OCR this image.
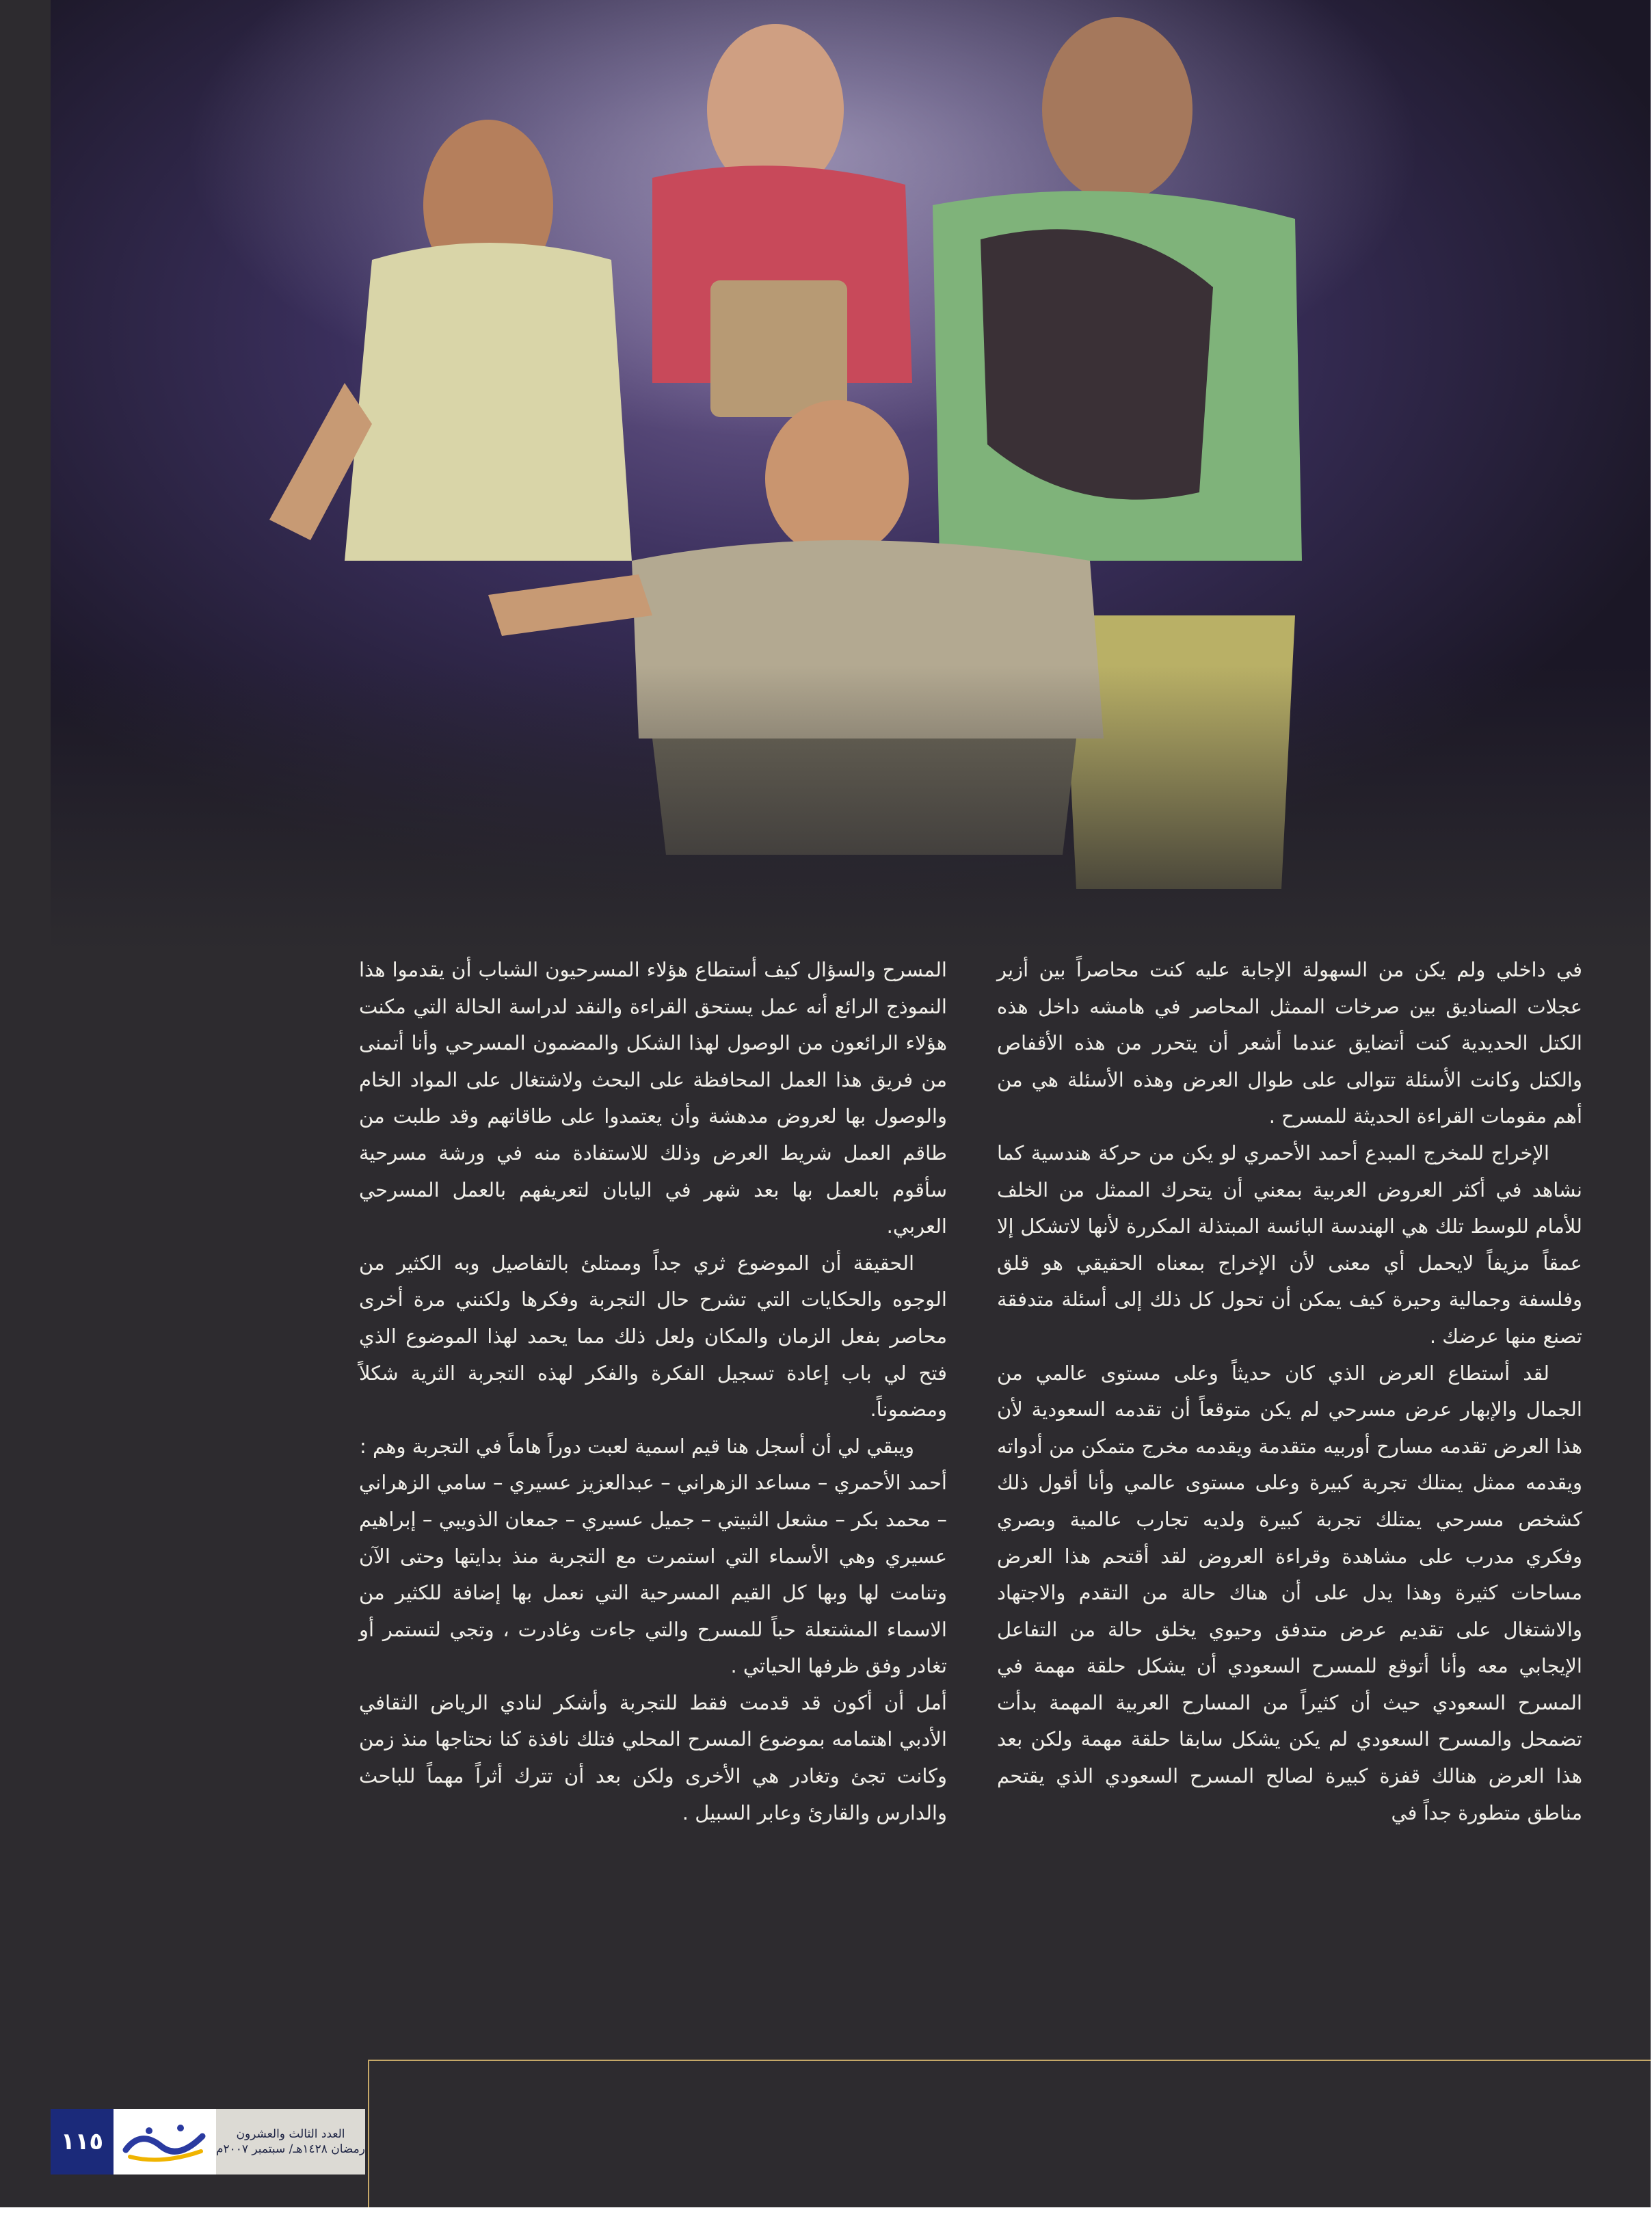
في داخلي ولم يكن من السهولة الإجابة عليه كنت محاصراً بين أزير عجلات الصناديق بين صرخات الممثل المحاصر في هامشه داخل هذه الكتل الحديدية كنت أتضايق عندما أشعر أن يتحرر من هذه الأقفاص والكتل وكانت الأسئلة تتوالى على طوال العرض وهذه الأسئلة هي من أهم مقومات القراءة الحديثة للمسرح .

الإخراج للمخرج المبدع أحمد الأحمري لو يكن من حركة هندسية كما نشاهد في أكثر العروض العربية بمعني أن يتحرك الممثل من الخلف للأمام للوسط تلك هي الهندسة البائسة المبتذلة المكررة لأنها لاتشكل إلا عمقاً مزيفاً لايحمل أي معنى لأن الإخراج بمعناه الحقيقي هو قلق وفلسفة وجمالية وحيرة كيف يمكن أن تحول كل ذلك إلى أسئلة متدفقة تصنع منها عرضك .

لقد أستطاع العرض الذي كان حديثاً وعلى مستوى عالمي من الجمال والإبهار عرض مسرحي لم يكن متوقعاً أن تقدمه السعودية لأن هذا العرض تقدمه مسارح أوربيه متقدمة ويقدمه مخرج متمكن من أدواته ويقدمه ممثل يمتلك تجربة كبيرة وعلى مستوى عالمي وأنا أقول ذلك كشخص مسرحي يمتلك تجربة كبيرة ولديه تجارب عالمية وبصري وفكري مدرب على مشاهدة وقراءة العروض لقد أقتحم هذا العرض مساحات كثيرة وهذا يدل على أن هناك حالة من التقدم والاجتهاد والاشتغال على تقديم عرض متدفق وحيوي يخلق حالة من التفاعل الإيجابي معه وأنا أتوقع للمسرح السعودي أن يشكل حلقة مهمة في المسرح السعودي حيث أن كثيراً من المسارح العربية المهمة بدأت تضمحل والمسرح السعودي لم يكن يشكل سابقا حلقة مهمة ولكن بعد هذا العرض هنالك قفزة كبيرة لصالح المسرح السعودي الذي يقتحم مناطق متطورة جداً في

المسرح والسؤال كيف أستطاع هؤلاء المسرحيون الشباب أن يقدموا هذا النموذج الرائع أنه عمل يستحق القراءة والنقد لدراسة الحالة التي مكنت هؤلاء الرائعون من الوصول لهذا الشكل والمضمون المسرحي وأنا أتمنى من فريق هذا العمل المحافظة على البحث ولاشتغال على المواد الخام والوصول بها لعروض مدهشة وأن يعتمدوا على طاقاتهم وقد طلبت من طاقم العمل شريط العرض وذلك للاستفادة منه في ورشة مسرحية سأقوم بالعمل بها بعد شهر في اليابان لتعريفهم بالعمل المسرحي العربي.

الحقيقة أن الموضوع ثري جداً وممتلئ بالتفاصيل وبه الكثير من الوجوه والحكايات التي تشرح حال التجربة وفكرها ولكنني مرة أخرى محاصر بفعل الزمان والمكان ولعل ذلك مما يحمد لهذا الموضوع الذي فتح لي باب إعادة تسجيل الفكرة والفكر لهذه التجربة الثرية شكلاً ومضموناً.

ويبقي لي أن أسجل هنا قيم اسمية لعبت دوراً هاماً في التجربة وهم :

أحمد الأحمري – مساعد الزهراني – عبدالعزيز عسيري – سامي الزهراني – محمد بكر – مشعل الثبيتي – جميل عسيري – جمعان الذويبي – إبراهيم عسيري وهي الأسماء التي استمرت مع التجربة منذ بدايتها وحتى الآن وتنامت لها وبها كل القيم المسرحية التي نعمل بها إضافة للكثير من الاسماء المشتعلة حباً للمسرح والتي جاءت وغادرت ، وتجي لتستمر أو تغادر وفق ظرفها الحياتي .

أمل أن أكون قد قدمت فقط للتجربة وأشكر لنادي الرياض الثقافي الأدبي اهتمامه بموضوع المسرح المحلي فتلك نافذة كنا نحتاجها منذ زمن وكانت تجئ وتغادر هي الأخرى ولكن بعد أن تترك أثراً مهماً للباحث والدارس والقارئ وعابر السبيل .

١١٥	العدد الثالث والعشرون
رمضان ١٤٢٨هـ/ سبتمبر ٢٠٠٧م
